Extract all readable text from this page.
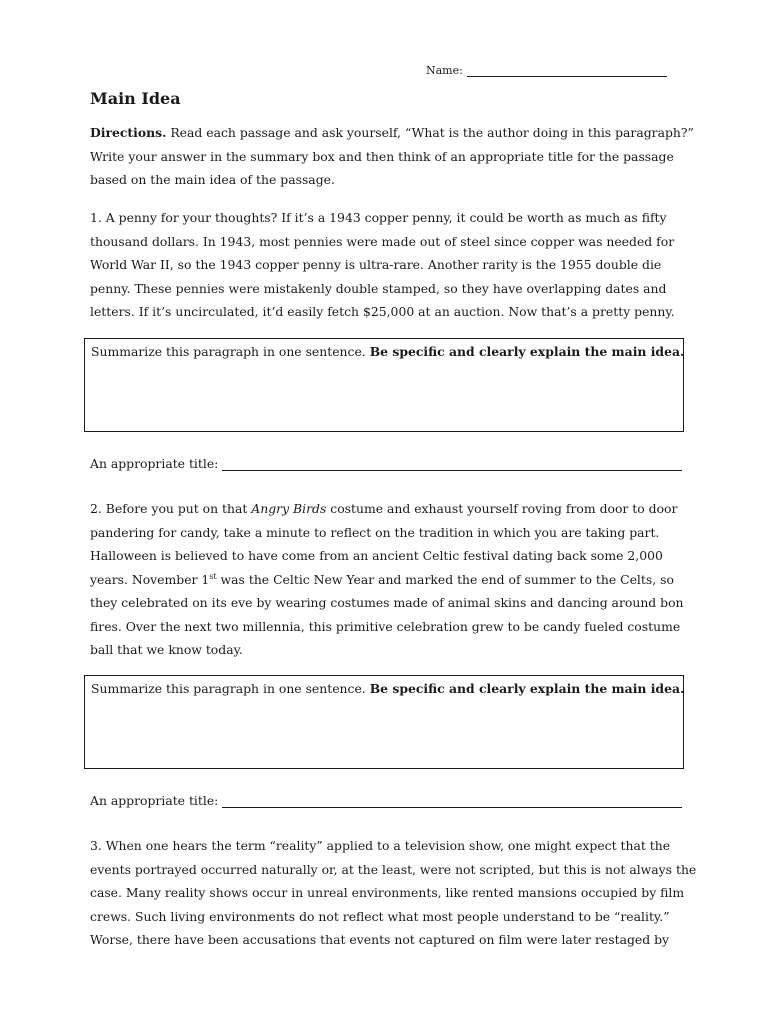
Name:
Main Idea

Directions. Read each passage and ask yourself, “What is the author doing in this paragraph?”
Write your answer in the summary box and then think of an appropriate title for the passage
based on the main idea of the passage.

1. A penny for your thoughts? If it’s a 1943 copper penny, it could be worth as much as fifty
thousand dollars. In 1943, most pennies were made out of steel since copper was needed for
World War II, so the 1943 copper penny is ultra-rare. Another rarity is the 1955 double die
penny. These pennies were mistakenly double stamped, so they have overlapping dates and
letters. If it’s uncirculated, it’d easily fetch $25,000 at an auction. Now that’s a pretty penny.

Summarize this paragraph in one sentence. Be specific and clearly explain the main idea.
An appropriate title:

2. Before you put on that Angry Birds costume and exhaust yourself roving from door to door
pandering for candy, take a minute to reflect on the tradition in which you are taking part.
Halloween is believed to have come from an ancient Celtic festival dating back some 2,000
years. November 1st was the Celtic New Year and marked the end of summer to the Celts, so
they celebrated on its eve by wearing costumes made of animal skins and dancing around bon
fires. Over the next two millennia, this primitive celebration grew to be candy fueled costume
ball that we know today.

Summarize this paragraph in one sentence. Be specific and clearly explain the main idea.
An appropriate title:

3. When one hears the term “reality” applied to a television show, one might expect that the
events portrayed occurred naturally or, at the least, were not scripted, but this is not always the
case. Many reality shows occur in unreal environments, like rented mansions occupied by film
crews. Such living environments do not reflect what most people understand to be “reality.”
Worse, there have been accusations that events not captured on film were later restaged by
